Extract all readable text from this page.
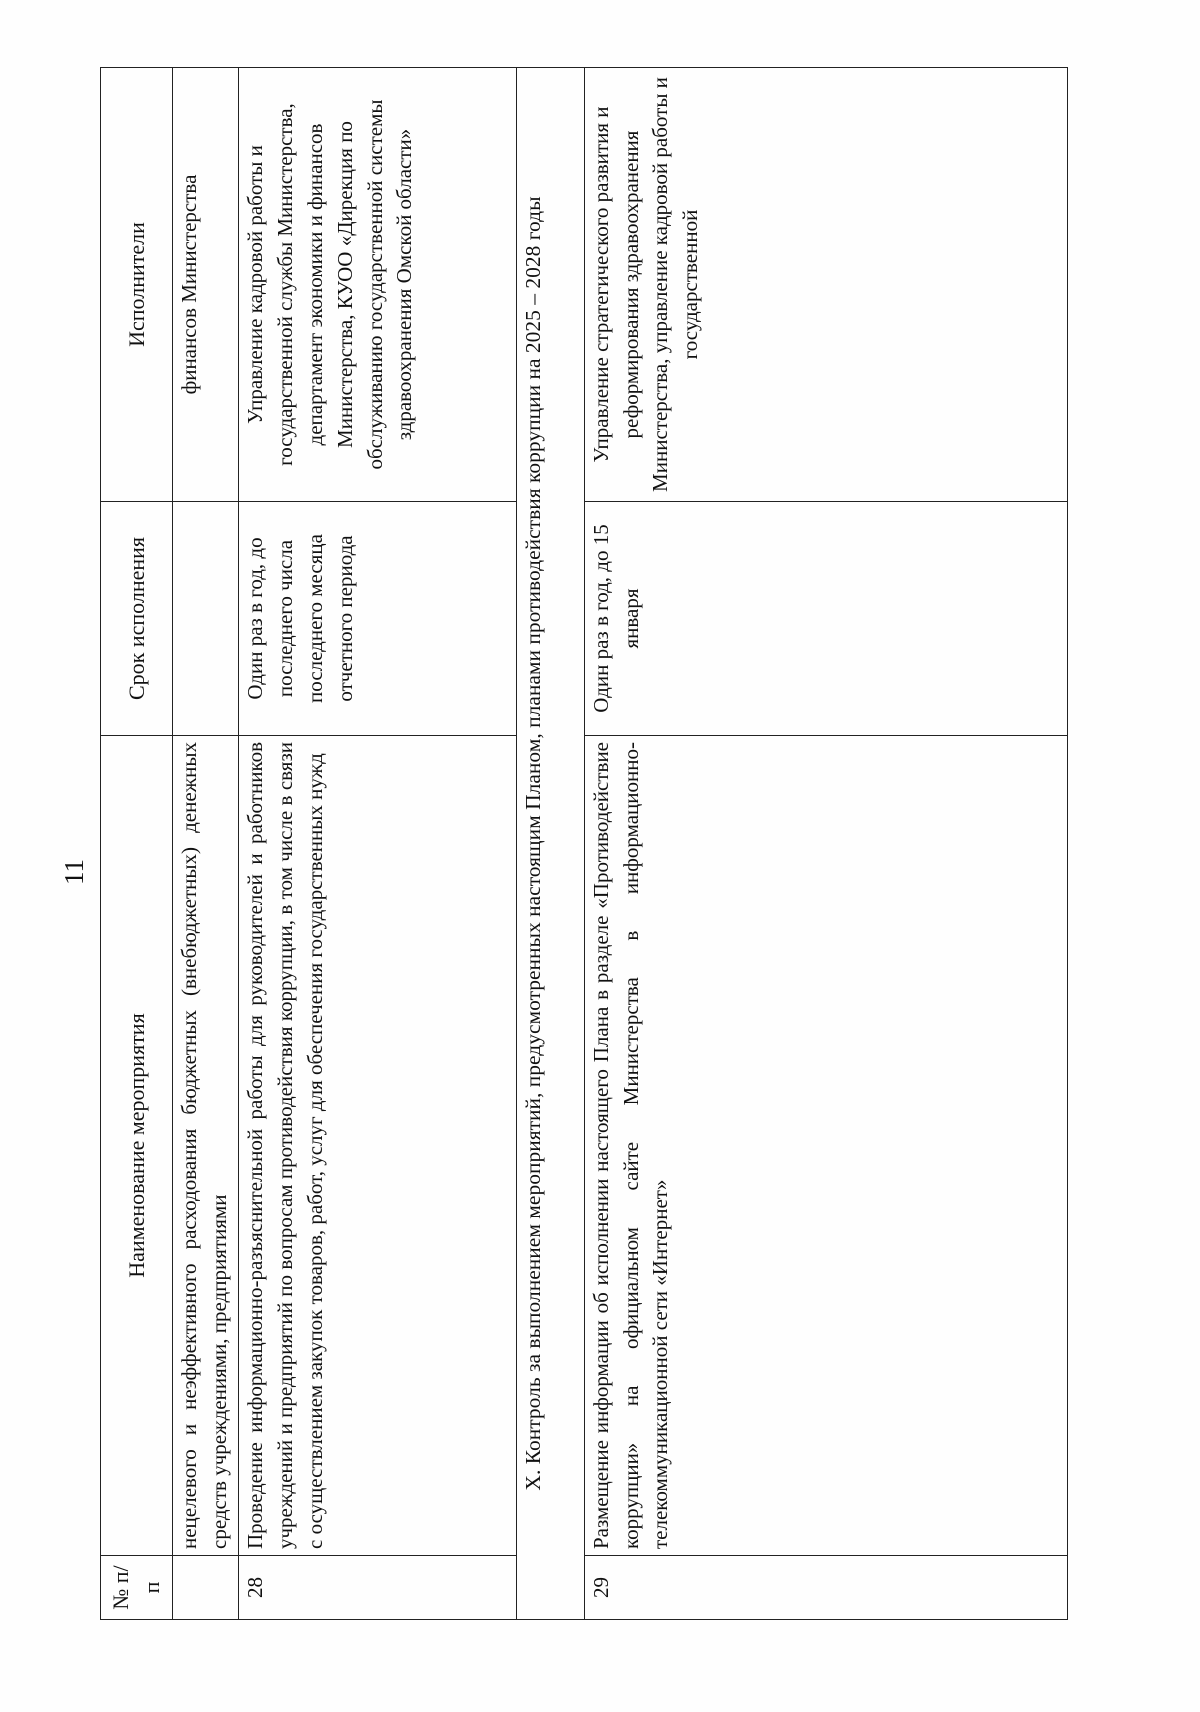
11
№ п/п	Наименование мероприятия	Срок исполнения	Исполнители
	нецелевого и неэффективного расходования бюджетных (внебюджетных) денежных средств учреждениями, предприятиями		финансов Министерства
28	Проведение информационно-разъяснительной работы для руководителей и работников учреждений и предприятий по вопросам противодействия коррупции, в том числе в связи с осуществлением закупок товаров, работ, услуг для обеспечения государственных нужд	Один раз в год, до последнего числа последнего месяца отчетного периода	Управление кадровой работы и государственной службы Министерства, департамент экономики и финансов Министерства, КУОО «Дирекция по обслуживанию государственной системы здравоохранения Омской области»
X. Контроль за выполнением мероприятий, предусмотренных настоящим Планом, планами противодействия коррупции на 2025 – 2028 годы			
29	Размещение информации об исполнении настоящего Плана в разделе «Противодействие коррупции» на официальном сайте Министерства в информационно-телекоммуникационной сети «Интернет»	Один раз в год, до 15 января	Управление стратегического развития и реформирования здравоохранения Министерства, управление кадровой работы и государственной
